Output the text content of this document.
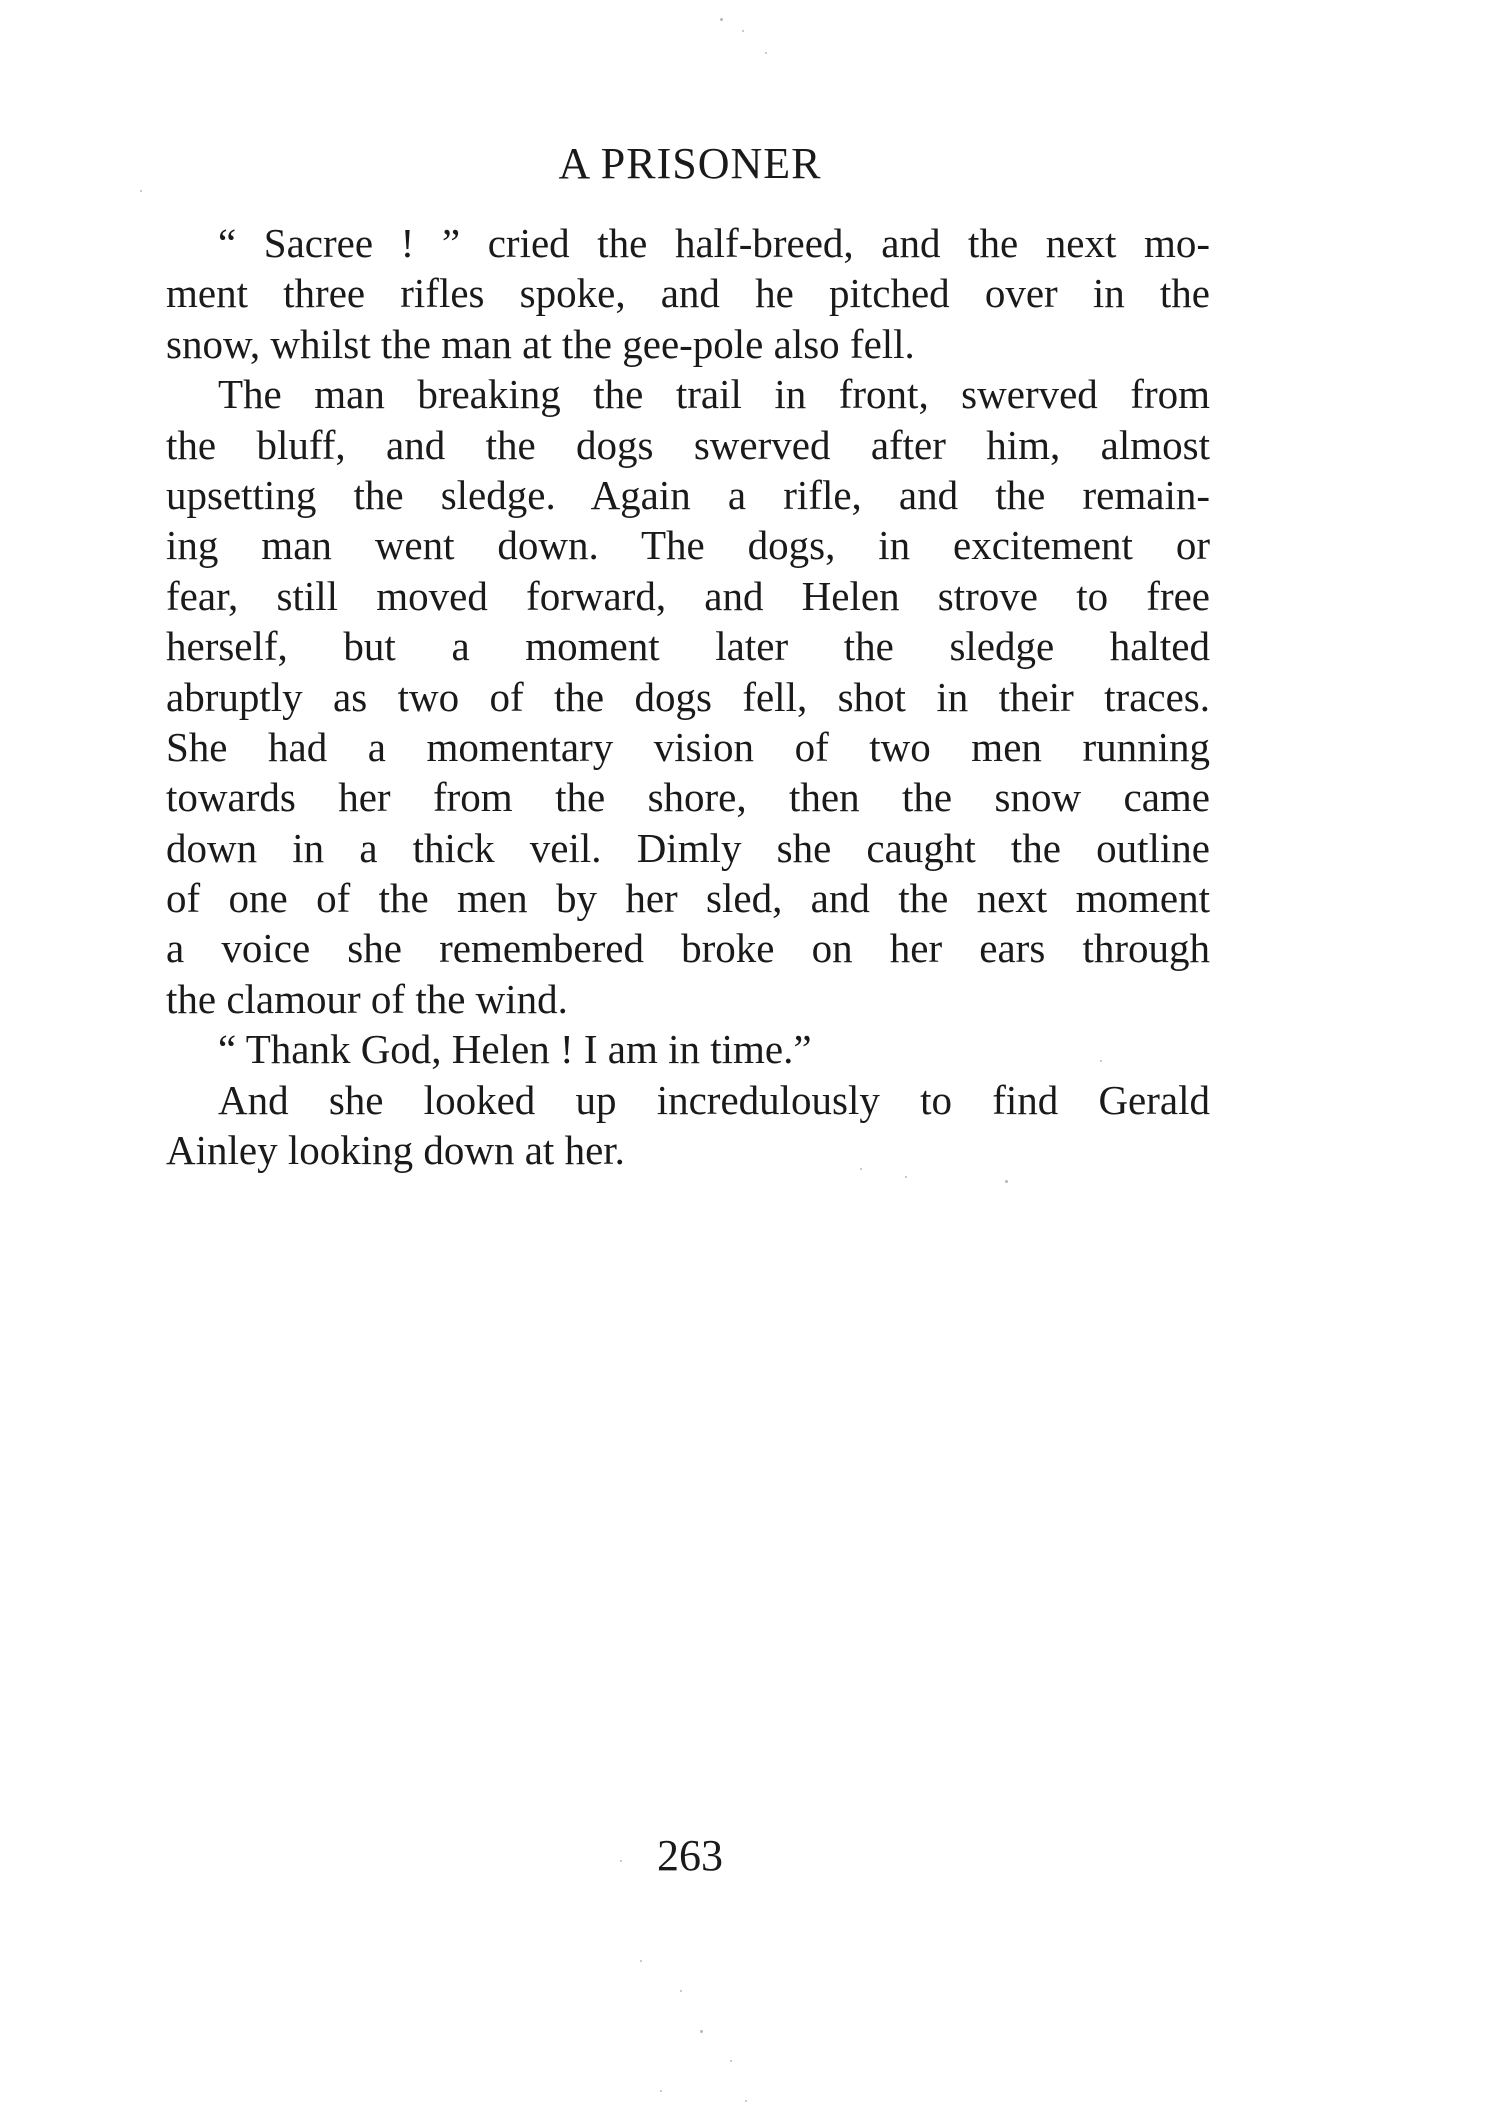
A PRISONER
“ Sacree ! ” cried the half-breed, and the next mo-
ment three rifles spoke, and he pitched over in the
snow, whilst the man at the gee-pole also fell.
The man breaking the trail in front, swerved from
the bluff, and the dogs swerved after him, almost
upsetting the sledge. Again a rifle, and the remain-
ing man went down. The dogs, in excitement or
fear, still moved forward, and Helen strove to free
herself, but a moment later the sledge halted
abruptly as two of the dogs fell, shot in their traces.
She had a momentary vision of two men running
towards her from the shore, then the snow came
down in a thick veil. Dimly she caught the outline
of one of the men by her sled, and the next moment
a voice she remembered broke on her ears through
the clamour of the wind.
“ Thank God, Helen ! I am in time.”
And she looked up incredulously to find Gerald
Ainley looking down at her.
263
